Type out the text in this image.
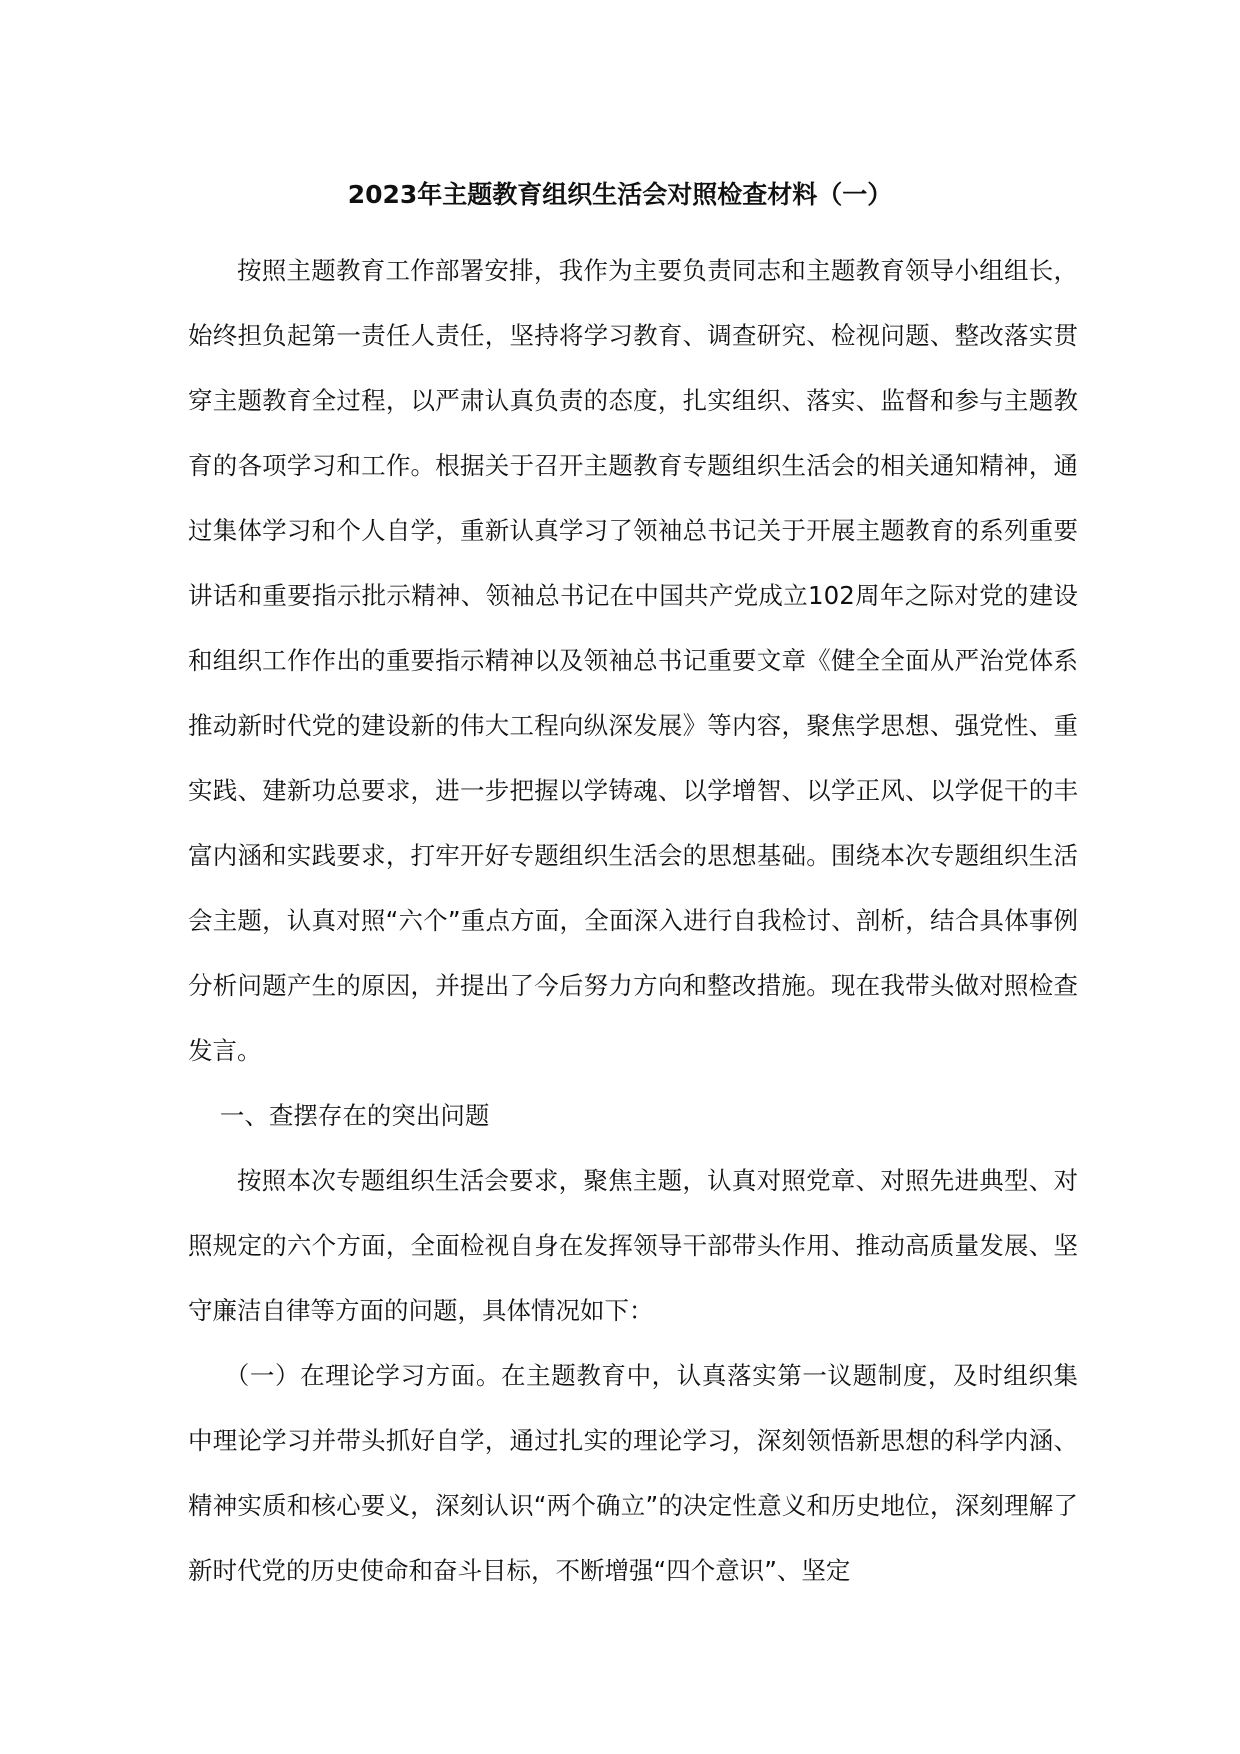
2023年主题教育组织生活会对照检查材料（一）

按照主题教育工作部署安排，我作为主要负责同志和主题教育领导小组组长，始终担负起第一责任人责任，坚持将学习教育、调查研究、检视问题、整改落实贯穿主题教育全过程，以严肃认真负责的态度，扎实组织、落实、监督和参与主题教育的各项学习和工作。根据关于召开主题教育专题组织生活会的相关通知精神，通过集体学习和个人自学，重新认真学习了领袖总书记关于开展主题教育的系列重要讲话和重要指示批示精神、领袖总书记在中国共产党成立102周年之际对党的建设和组织工作作出的重要指示精神以及领袖总书记重要文章《健全全面从严治党体系推动新时代党的建设新的伟大工程向纵深发展》等内容，聚焦学思想、强党性、重实践、建新功总要求，进一步把握以学铸魂、以学增智、以学正风、以学促干的丰富内涵和实践要求，打牢开好专题组织生活会的思想基础。围绕本次专题组织生活会主题，认真对照“六个”重点方面，全面深入进行自我检讨、剖析，结合具体事例分析问题产生的原因，并提出了今后努力方向和整改措施。现在我带头做对照检查发言。

一、查摆存在的突出问题

按照本次专题组织生活会要求，聚焦主题，认真对照党章、对照先进典型、对照规定的六个方面，全面检视自身在发挥领导干部带头作用、推动高质量发展、坚守廉洁自律等方面的问题，具体情况如下：

（一）在理论学习方面。在主题教育中，认真落实第一议题制度，及时组织集中理论学习并带头抓好自学，通过扎实的理论学习，深刻领悟新思想的科学内涵、精神实质和核心要义，深刻认识“两个确立”的决定性意义和历史地位，深刻理解了新时代党的历史使命和奋斗目标，不断增强“四个意识”、坚定
